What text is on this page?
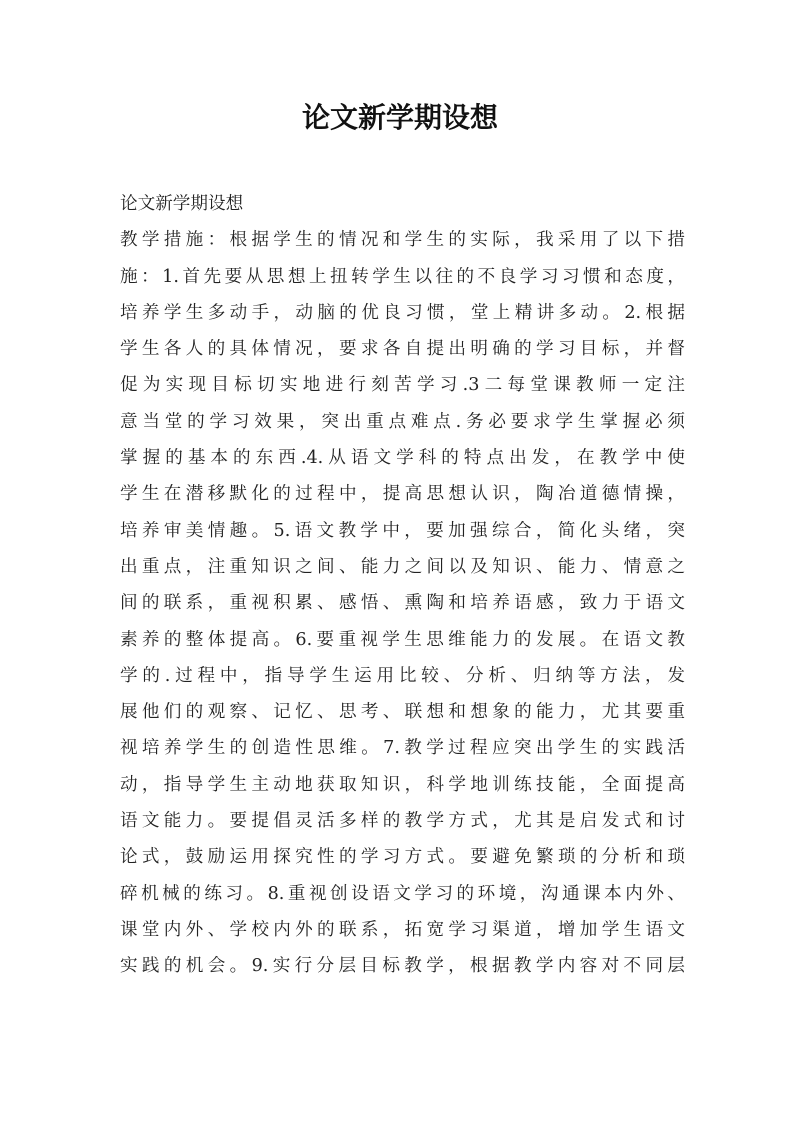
论文新学期设想

论文新学期设想

教学措施：根据学生的情况和学生的实际，我采用了以下措

施：1.首先要从思想上扭转学生以往的不良学习习惯和态度，

培养学生多动手，动脑的优良习惯，堂上精讲多动。2.根据

学生各人的具体情况，要求各自提出明确的学习目标，并督

促为实现目标切实地进行刻苦学习.3二每堂课教师一定注

意当堂的学习效果，突出重点难点.务必要求学生掌握必须

掌握的基本的东西.4.从语文学科的特点出发，在教学中使

学生在潜移默化的过程中，提高思想认识，陶冶道德情操，

培养审美情趣。5.语文教学中，要加强综合，简化头绪，突

出重点，注重知识之间、能力之间以及知识、能力、情意之

间的联系，重视积累、感悟、熏陶和培养语感，致力于语文

素养的整体提高。6.要重视学生思维能力的发展。在语文教

学的.过程中，指导学生运用比较、分析、归纳等方法，发

展他们的观察、记忆、思考、联想和想象的能力，尤其要重

视培养学生的创造性思维。7.教学过程应突出学生的实践活

动，指导学生主动地获取知识，科学地训练技能，全面提高

语文能力。要提倡灵活多样的教学方式，尤其是启发式和讨

论式，鼓励运用探究性的学习方式。要避免繁琐的分析和琐

碎机械的练习。8.重视创设语文学习的环境，沟通课本内外、

课堂内外、学校内外的联系，拓宽学习渠道，增加学生语文

实践的机会。9.实行分层目标教学，根据教学内容对不同层
